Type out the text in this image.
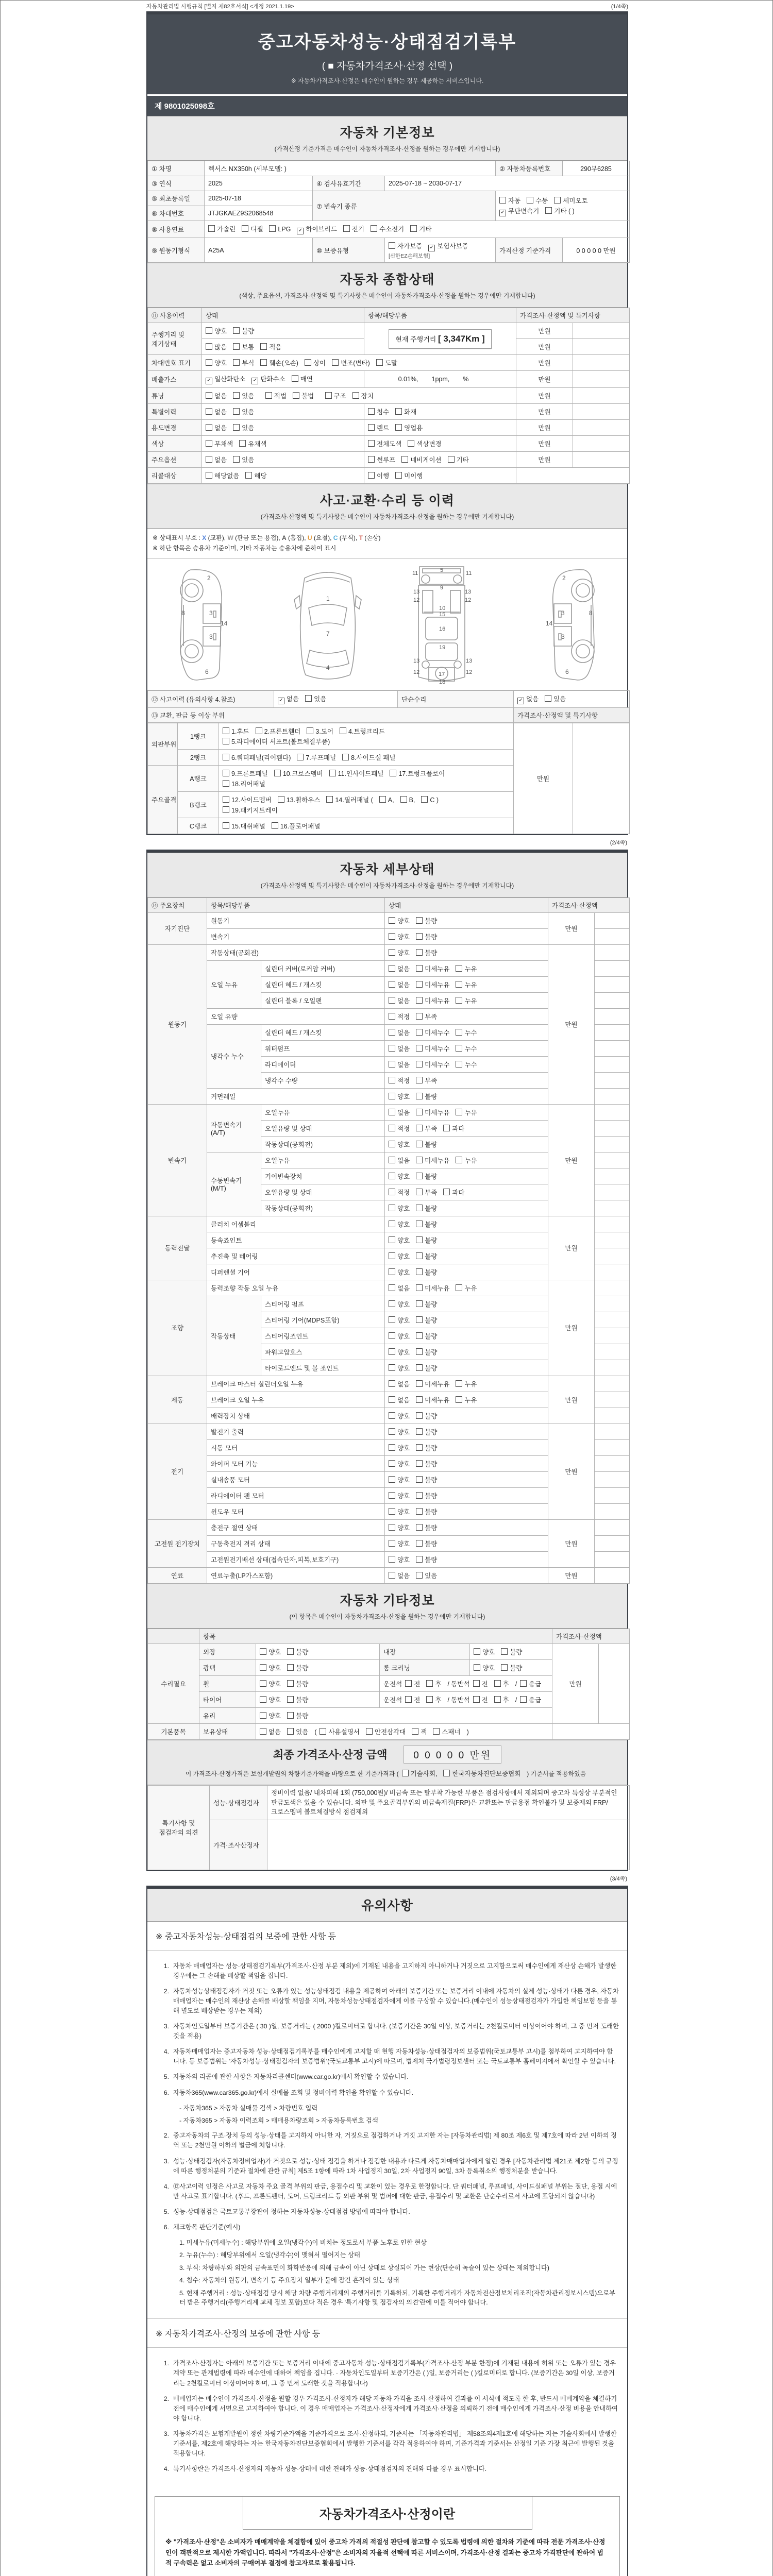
자동차관리법 시행규칙 [별지 제82호서식] <개정 2021.1.19>	(1/4쪽)
중고자동차성능·상태점검기록부
( ■ 자동차가격조사·산정 선택 )
※ 자동차가격조사·산정은 매수인이 원하는 경우 제공하는 서비스입니다.
제 9801025098호
자동차 기본정보
(가격산정 기준가격은 매수인이 자동차가격조사·산정을 원하는 경우에만 기재합니다)
① 차명	렉서스 NX350h (세부모델: )			② 자동차등록번호	290무6285
③ 연식	2025	④ 검사유효기간	2025-07-18 ~ 2030-07-17		
⑤ 최초등록일	2025-07-18	⑦ 변속기 종류		자동 수동 세미오토
✓ 무단변속기 기타 ( )	
⑥ 차대번호	JTJGKAEZ9S2068548				
⑧ 사용연료	가솔린 디젤 LPG ✓ 하이브리드 전기 수소전기 기타				
⑨ 원동기형식	A25A	⑩ 보증유형	자가보증 ✓ 보험사보증[신한EZ손해보험]	가격산정 기준가격	0 0 0 0 0 만원
자동차 종합상태
(색상, 주요옵션, 가격조사·산정액 및 특기사항은 매수인이 자동차가격조사·산정을 원하는 경우에만 기재합니다)
⑪ 사용이력	상태	항목/해당부품	가격조사·산정액 및 특기사항	
주행거리 및 계기상태	양호 불량	현재 주행거리 [ 3,347Km ]	만원	
	많음 보통 적음		만원	
차대번호 표기	양호 부식 훼손(오손) 상이 변조(변타) 도말		만원	
배출가스	✓ 일산화탄소 ✓ 탄화수소 매연	0.01%, 1ppm, %	만원	
튜닝	없음 있음 적법 불법 구조 장치		만원	
특별이력	없음 있음	침수 화재	만원	
용도변경	없음 있음	렌트 영업용	만원	
색상	무채색 유채색	전체도색 색상변경	만원	
주요옵션	없음 있음	썬루프 네비게이션 기타	만원	
리콜대상	해당없음 해당	이행 미이행		
사고·교환·수리 등 이력
(가격조사·산정액 및 특기사항은 매수인이 자동차가격조사·산정을 원하는 경우에만 기재합니다)
※ 상태표시 부호 : X (교환), W (판금 또는 용접), A (흠집), U (요철), C (부식), T (손상)
※ 하단 항목은 승용차 기준이며, 기타 자동차는 승용차에 준하여 표시
2
8	3
14
3
6
1
7
4
11	11
13	13
12	12
5
9
10
15
16
19
13	13
12	12
17
18
2
8
3
14
3
6
⑫ 사고이력 (유의사항 4.참조)	✓ 없음 있음	단순수리	✓ 없음 있음
⑬ 교환, 판금 등 이상 부위			가격조사·산정액 및 특기사항
외판부위	1랭크	1.후드 2.프론트휀더 3.도어 4.트렁크리드
5.라디에이터 서포트(볼트체결부품)	만원	
	2랭크	6.쿼터패널(리어휀다) 7.루프패널 8.사이드실 패널		
주요골격	A랭크	9.프론트패널 10.크로스멤버 11.인사이드패널 17.트렁크플로어
18.리어패널		
	B랭크	12.사이드멤버 13.휠하우스 14.필러패널 ( A, B, C )
19.패키지트레이		
	C랭크	15.대쉬패널 16.플로어패널		
(2/4쪽)
자동차 세부상태
(가격조사·산정액 및 특기사항은 매수인이 자동차가격조사·산정을 원하는 경우에만 기재합니다)
⑭ 주요장치	항목/해당부품		상태	가격조사·산정액	
자기진단	원동기		양호 불량	만원	
	변속기		양호 불량		
원동기	작동상태(공회전)		양호 불량	만원	
	오일 누유	실린더 커버(로커암 커버)	없음 미세누유 누유		
		실린더 헤드 / 개스킷	없음 미세누유 누유		
		실린더 블록 / 오일팬	없음 미세누유 누유		
	오일 유량		적정 부족		
	냉각수 누수	실린더 헤드 / 개스킷	없음 미세누수 누수		
		워터펌프	없음 미세누수 누수		
		라디에이터	없음 미세누수 누수		
		냉각수 수량	적정 부족		
	커먼레일		양호 불량		
변속기	자동변속기 (A/T)	오일누유	없음 미세누유 누유	만원	
		오일유량 및 상태	적정 부족 과다		
		작동상태(공회전)	양호 불량		
	수동변속기 (M/T)	오일누유	없음 미세누유 누유		
		기어변속장치	양호 불량		
		오일유량 및 상태	적정 부족 과다		
		작동상태(공회전)	양호 불량		
동력전달	클러치 어셈블리		양호 불량	만원	
	등속죠인트		양호 불량		
	추진축 및 베어링		양호 불량		
	디퍼렌셜 기어		양호 불량		
조향	동력조향 작동 오일 누유		없음 미세누유 누유	만원	
	작동상태	스티어링 펌프	양호 불량		
		스티어링 기어(MDPS포함)	양호 불량		
		스티어링조인트	양호 불량		
		파워고압호스	양호 불량		
		타이로드엔드 및 볼 조인트	양호 불량		
제동	브레이크 마스터 실린더오일 누유		없음 미세누유 누유	만원	
	브레이크 오일 누유		없음 미세누유 누유		
	배력장치 상태		양호 불량		
전기	발전기 출력		양호 불량	만원	
	시동 모터		양호 불량		
	와이퍼 모터 기능		양호 불량		
	실내송풍 모터		양호 불량		
	라디에이터 팬 모터		양호 불량		
	윈도우 모터		양호 불량		
고전원 전기장치	충전구 절연 상태		양호 불량	만원	
	구동축전지 격리 상태		양호 불량		
	고전원전기배선 상태(접속단자,피복,보호기구)		양호 불량		
연료	연료누출(LP가스포함)		없음 있음	만원	
자동차 기타정보
(이 항목은 매수인이 자동차가격조사·산정을 원하는 경우에만 기재합니다)
	항목				가격조사·산정액	
수리필요	외장	양호 불량	내장	양호 불량	만원	
	광택	양호 불량	룸 크리닝	양호 불량		
	휠	양호 불량	운전석 전 후 / 동반석 전 후 / 응급			
	타이어	양호 불량	운전석 전 후 / 동반석 전 후 / 응급			
	유리	양호 불량				
기본품목	보유상태	없음 있음 ( 사용설명서 안전삼각대 잭 스패너 )				
최종 가격조사·산정 금액	0 0 0 0 0 만원
이 가격조사·산정가격은 보험개발원의 차량기준가액을 바탕으로 한 기준가격과 ( 기술사회, 한국자동차진단보증협회 ) 기준서를 적용하였음
특기사항 및 점검자의 의견	성능·상태점검자	정비이력 없음/ 내차피해 1회 (750,000원)/ 비금속 또는 탈부착 가능한 부품은 점검사항에서 제외되며 중고차 특성상 부분적인 판금도색은 있을 수 있습니다. 외판 및 주요골격부위의 비금속재질(FRP)은 교환또는 판금용접 확인불가 및 보증제외 FRP/크로스멤버 볼트체결방식 점검제외
	가격·조사산정자	
(3/4쪽)
유의사항
※ 중고자동차성능·상태점검의 보증에 관한 사항 등
1. 자동차 매매업자는 성능·상태점검기록부(가격조사·산정 부분 제외)에 기재된 내용을 고지하지 아니하거나 거짓으로 고지함으로써 매수인에게 재산상 손해가 발생한 경우에는 그 손해를 배상할 책임을 집니다.
2. 자동차성능상태점검자가 거짓 또는 오류가 있는 성능상태점검 내용을 제공하여 아래의 보증기간 또는 보증거리 이내에 자동차의 실제 성능·상태가 다른 경우, 자동차매매업자는 매수인의 재산상 손해를 배상할 책임을 지며, 자동차성능상태점검자에게 이를 구상할 수 있습니다.(매수인이 성능상태점검자가 가입한 책임보험 등을 통해 별도로 배상받는 경우는 제외)
3. 자동차인도일부터 보증기간은 ( 30 )일, 보증거리는 ( 2000 )킬로미터로 합니다. (보증기간은 30일 이상, 보증거리는 2천킬로미터 이상이어야 하며, 그 중 먼저 도래한 것을 적용)
4. 자동차매매업자는 중고자동차 성능·상태점검기록부를 매수인에게 고지할 때 현행 자동차성능·상태점검자의 보증범위(국토교통부 고시)를 첨부하여 고지하여야 합니다. 동 보증범위는 '자동차성능·상태점검자의 보증범위'(국토교통부 고시)에 따르며, 법제처 국가법령정보센터 또는 국토교통부 홈페이지에서 확인할 수 있습니다.
5. 자동차의 리콜에 관한 사항은 자동차리콜센터(www.car.go.kr)에서 확인할 수 있습니다.
6. 자동차365(www.car365.go.kr)에서 실매물 조회 및 정비이력 확인을 확인할 수 있습니다.
- 자동차365 > 자동차 실매물 검색 > 차량번호 입력
- 자동차365 > 자동차 이력조회 > 매매용차량조회 > 자동차등록번호 검색
2. 중고자동차의 구조·장치 등의 성능·상태를 고지하지 아니한 자, 거짓으로 점검하거나 거짓 고지한 자는 [자동차관리법] 제 80조 제6호 및 제7호에 따라 2년 이하의 징역 또는 2천만원 이하의 벌금에 처합니다.
3. 성능·상태점검자(자동차정비업자)가 거짓으로 성능·상태 점검을 하거나 점검한 내용과 다르게 자동차매매업자에게 알린 경우 [자동차관리법 제21조 제2항 등의 규정에 따른 행정처분의 기준과 절차에 관한 규칙] 제5조 1항에 따라 1차 사업정지 30일, 2차 사업정지 90일, 3차 등록취소의 행정처분을 받습니다.
4. ⑫사고이력 인정은 사고로 자동차 주요 골격 부위의 판금, 용접수리 및 교환이 있는 경우로 한정합니다. 단 쿼터패널, 루프패널, 사이드실패널 부위는 절단, 용접 시에만 사고로 표기합니다. (후드, 프론트펜더, 도어, 트렁크리드 등 외판 부위 및 범퍼에 대한 판금, 용접수리 및 교환은 단순수리로서 사고에 포함되지 않습니다)
5. 성능·상태점검은 국토교통부장관이 정하는 자동차성능·상태점검 방법에 따라야 합니다.
6. 체크항목 판단기준(예시)
1. 미세누유(미세누수) : 해당부위에 오일(냉각수)이 비치는 정도로서 부품 노후로 인한 현상
2. 누유(누수) : 해당부위에서 오일(냉각수)이 맺혀서 떨어지는 상태
3. 부식: 차량하부와 외판의 금속표면이 화학반응에 의해 금속이 아닌 상태로 상실되어 가는 현상(단순히 녹슬어 있는 상태는 제외합니다)
4. 침수: 자동차의 원동기, 변속기 등 주요장치 일부가 물에 잠긴 흔적이 있는 상태
5. 현재 주행거리 : 성능·상태점검 당시 해당 차량 주행거리계의 주행거리를 기록하되, 기록한 주행거리가 자동차전산정보처리조직(자동차관리정보시스템)으로부터 받은 주행거리(주행거리계 교체 정보 포함)보다 적은 경우 '특기사항 및 점검자의 의견'란에 이를 적어야 합니다.
※ 자동차가격조사·산정의 보증에 관한 사항 등
1. 가격조사·산정자는 아래의 보증기간 또는 보증거리 이내에 중고자동차 성능·상태점검기록부(가격조사·산정 부분 한정)에 기재된 내용에 허위 또는 오류가 있는 경우 계약 또는 관계법령에 따라 매수인에 대하여 책임을 집니다. · 자동차인도일부터 보증기간은 ( )일, 보증거리는 ( )킬로미터로 합니다. (보증기간은 30일 이상, 보증거리는 2천킬로미터 이상이어야 하며, 그 중 먼저 도래한 것을 적용합니다)
2. 매매업자는 매수인이 가격조사·산정을 원할 경우 가격조사·산정자가 해당 자동차 가격을 조사·산정하여 결과를 이 서식에 적도록 한 후, 반드시 매매계약을 체결하기 전에 매수인에게 서면으로 고지하여야 합니다. 이 경우 매매업자는 가격조사·산정자에게 가격조사·산정을 의뢰하기 전에 매수인에게 가격조사·산정 비용을 안내하여야 합니다.
3. 자동차가격은 보험개발원이 정한 차량기준가액을 기준가격으로 조사·산정하되, 기준서는 「자동차관리법」 제58조의4제1호에 해당하는 자는 기술사회에서 발행한 기준서를, 제2호에 해당하는 자는 한국자동차진단보증협회에서 발행한 기준서를 각각 적용하여야 하며, 기준가격과 기준서는 산정일 기준 가장 최근에 발행된 것을 적용합니다.
4. 특기사항란은 가격조사·산정자의 자동차 성능·상태에 대한 견해가 성능·상태점검자의 견해와 다를 경우 표시합니다.
자동차가격조사·산정이란
※ "가격조사·산정"은 소비자가 매매계약을 체결함에 있어 중고차 가격의 적절성 판단에 참고할 수 있도록 법령에 의한 절차와 기준에 따라 전문 가격조사·산정인이 객관적으로 제시한 가액입니다. 따라서 "가격조사·산정"은 소비자의 자율적 선택에 따른 서비스이며, 가격조사·산정 결과는 중고차 가격판단에 관하여 법적 구속력은 없고 소비자의 구매여부 결정에 참고자료로 활용됩니다.
